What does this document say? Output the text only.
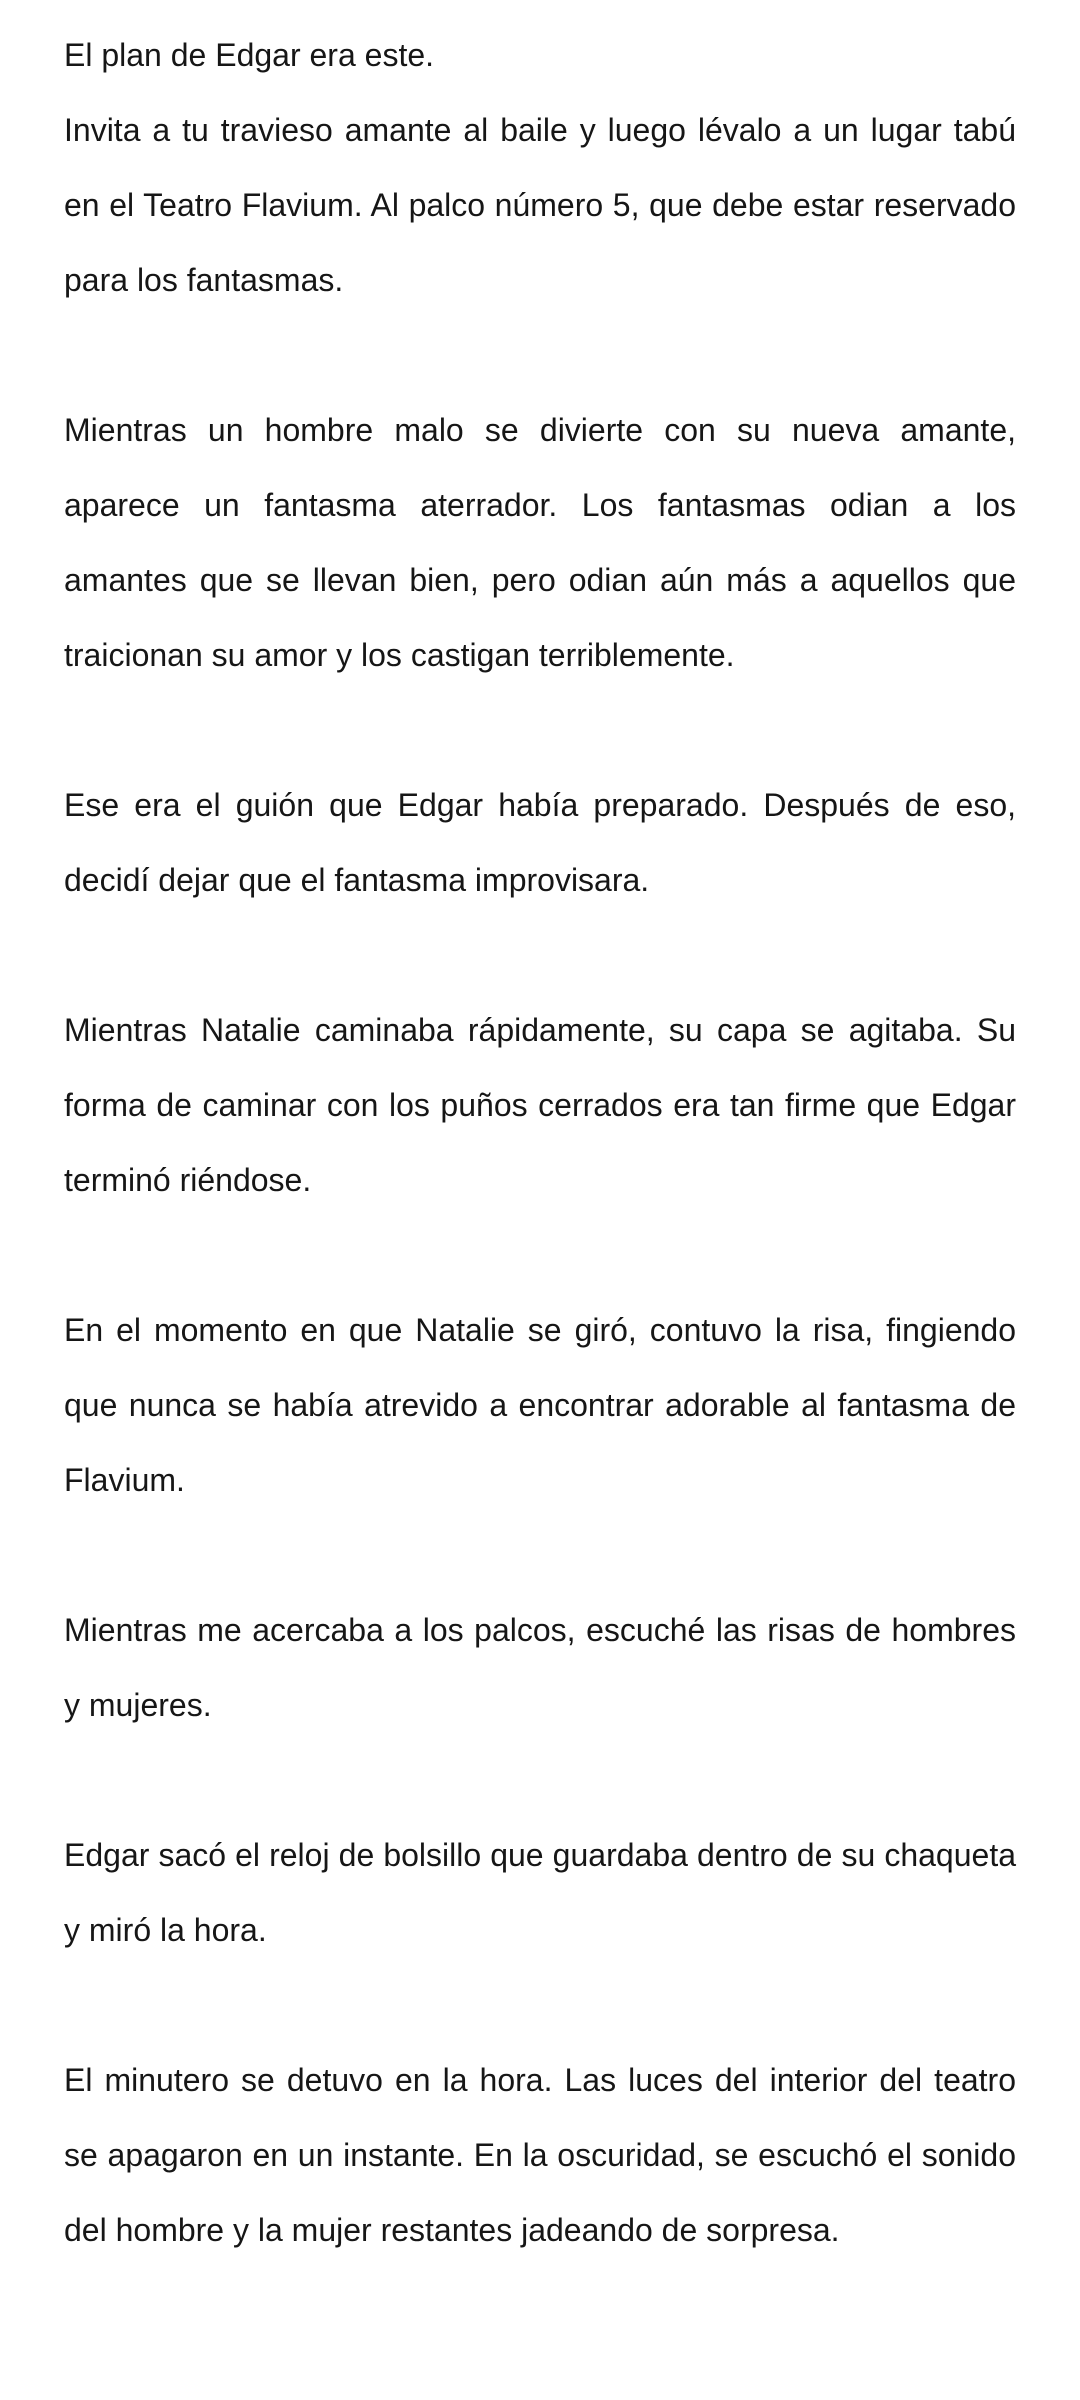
El plan de Edgar era este.

Invita a tu travieso amante al baile y luego lévalo a un lugar tabú en el Teatro Flavium. Al palco número 5, que debe estar reservado para los fantasmas.

Mientras un hombre malo se divierte con su nueva amante, aparece un fantasma aterrador. Los fantasmas odian a los amantes que se llevan bien, pero odian aún más a aquellos que traicionan su amor y los castigan terriblemente.

Ese era el guión que Edgar había preparado. Después de eso, decidí dejar que el fantasma improvisara.

Mientras Natalie caminaba rápidamente, su capa se agitaba. Su forma de caminar con los puños cerrados era tan firme que Edgar terminó riéndose.

En el momento en que Natalie se giró, contuvo la risa, fingiendo que nunca se había atrevido a encontrar adorable al fantasma de Flavium.

Mientras me acercaba a los palcos, escuché las risas de hombres y mujeres.

Edgar sacó el reloj de bolsillo que guardaba dentro de su chaqueta y miró la hora.

El minutero se detuvo en la hora. Las luces del interior del teatro se apagaron en un instante. En la oscuridad, se escuchó el sonido del hombre y la mujer restantes jadeando de sorpresa.
